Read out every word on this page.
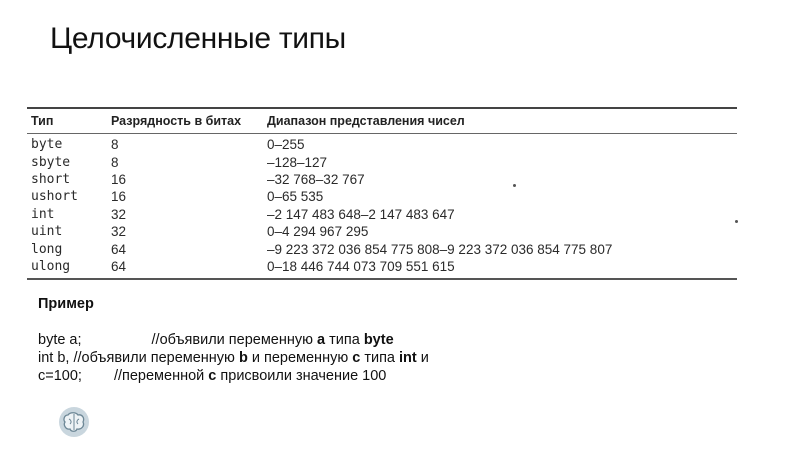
Целочисленные типы
Тип	Разрядность в битах	Диапазон представления чисел
byte	8	0–255
sbyte	8	–128–127
short	16	–32 768–32 767
ushort	16	0–65 535
int	32	–2 147 483 648–2 147 483 647
uint	32	0–4 294 967 295
long	64	–9 223 372 036 854 775 808–9 223 372 036 854 775 807
ulong	64	0–18 446 744 073 709 551 615
Пример
byte a;	//объявили переменную a типа byte
int b, //объявили переменную b и переменную c типа int и
c=100; //переменной c присвоили значение 100
